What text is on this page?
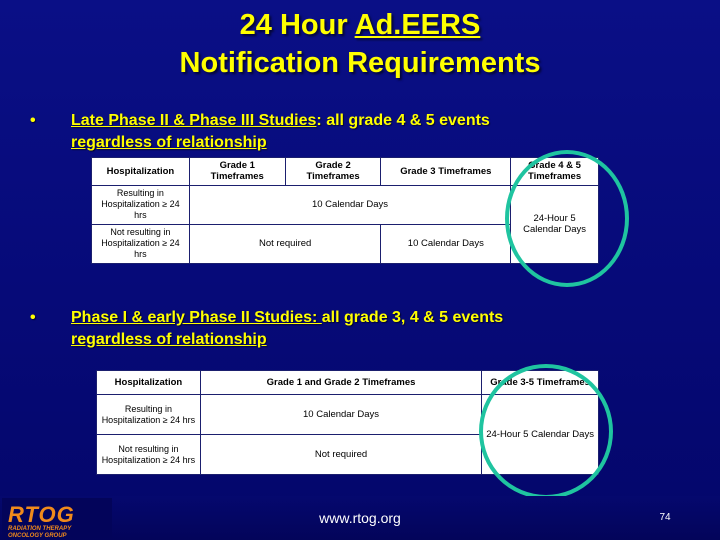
24 Hour Ad.EERS
Notification Requirements
• Late Phase II & Phase III Studies: all grade 4 & 5 events
regardless of relationship
Hospitalization	Grade 1 Timeframes	Grade 2 Timeframes	Grade 3 Timeframes	Grade 4 & 5 Timeframes
Resulting in Hospitalization ≥ 24 hrs	10 Calendar Days			24-Hour 5 Calendar Days
Not resulting in Hospitalization ≥ 24 hrs	Not required		10 Calendar Days	
• Phase I & early Phase II Studies: all grade 3, 4 & 5 events
regardless of relationship
Hospitalization	Grade 1 and Grade 2 Timeframes	Grade 3-5 Timeframes
Resulting in Hospitalization ≥ 24 hrs	10 Calendar Days	24-Hour 5 Calendar Days
Not resulting in Hospitalization ≥ 24 hrs	Not required	
RTOG
RADIATION THERAPY
ONCOLOGY GROUP
www.rtog.org	74
